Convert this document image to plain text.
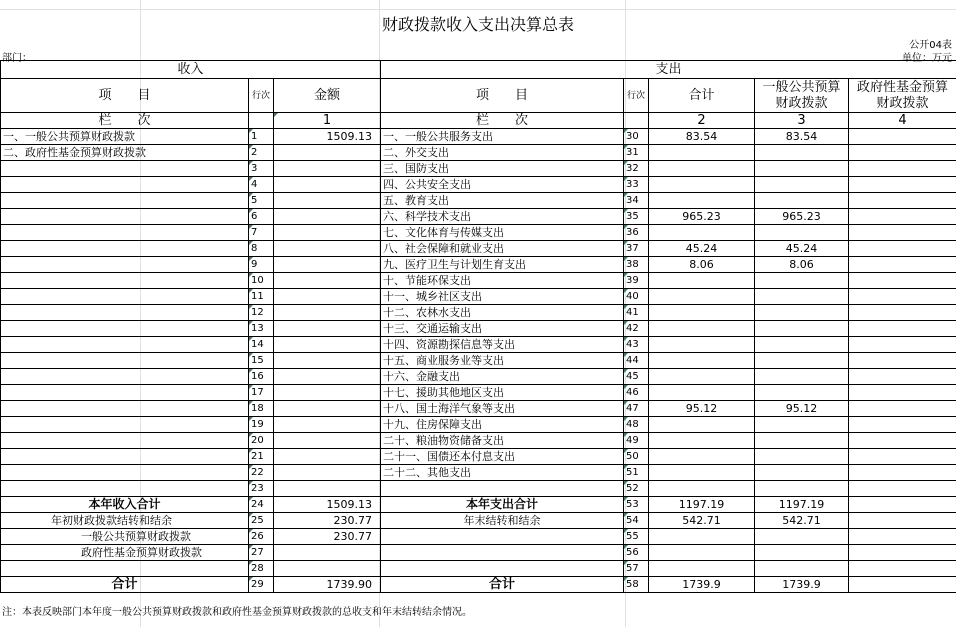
财政拨款收入支出决算总表
公开04表
单位：万元
部门：
收入			支出				
项　　目	行次	金额	项　　目	行次	合计	一般公共预算财政拨款	政府性基金预算财政拨款
栏　　次		1	栏　　次		2	3	4
一、一般公共预算财政拨款	1	1509.13	一、一般公共服务支出	30	83.54	83.54	
二、政府性基金预算财政拨款	2		二、外交支出	31			
	3		三、国防支出	32			
	4		四、公共安全支出	33			
	5		五、教育支出	34			
	6		六、科学技术支出	35	965.23	965.23	
	7		七、文化体育与传媒支出	36			
	8		八、社会保障和就业支出	37	45.24	45.24	
	9		九、医疗卫生与计划生育支出	38	8.06	8.06	
	10		十、节能环保支出	39			
	11		十一、城乡社区支出	40			
	12		十二、农林水支出	41			
	13		十三、交通运输支出	42			
	14		十四、资源勘探信息等支出	43			
	15		十五、商业服务业等支出	44			
	16		十六、金融支出	45			
	17		十七、援助其他地区支出	46			
	18		十八、国土海洋气象等支出	47	95.12	95.12	
	19		十九、住房保障支出	48			
	20		二十、粮油物资储备支出	49			
	21		二十一、国债还本付息支出	50			
	22		二十二、其他支出	51			
	23			52			
本年收入合计	24	1509.13	本年支出合计	53	1197.19	1197.19	
年初财政拨款结转和结余	25	230.77	年末结转和结余	54	542.71	542.71	
一般公共预算财政拨款	26	230.77		55			
政府性基金预算财政拨款	27			56			
	28			57			
合计	29	1739.90	合计	58	1739.9	1739.9	
注：本表反映部门本年度一般公共预算财政拨款和政府性基金预算财政拨款的总收支和年末结转结余情况。
